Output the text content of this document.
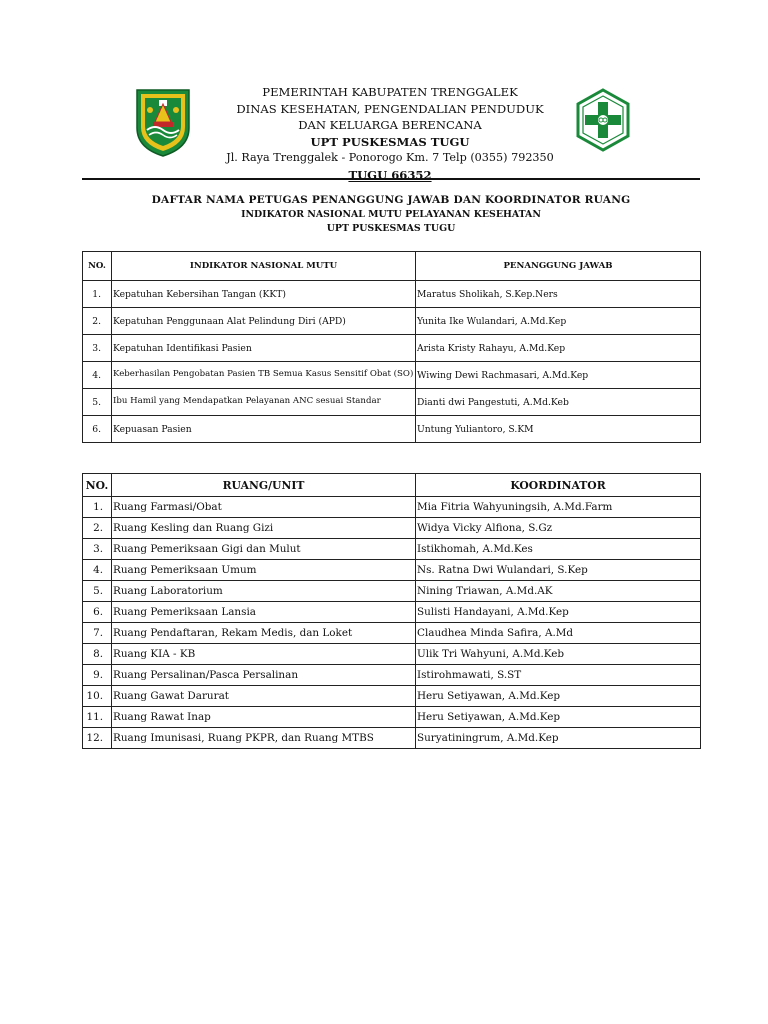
PEMERINTAH KABUPATEN TRENGGALEK
DINAS KESEHATAN, PENGENDALIAN PENDUDUK
DAN KELUARGA BERENCANA
UPT PUSKESMAS TUGU
Jl. Raya Trenggalek - Ponorogo Km. 7 Telp (0355) 792350
TUGU 66352
DAFTAR NAMA PETUGAS PENANGGUNG JAWAB DAN KOORDINATOR RUANG
INDIKATOR NASIONAL MUTU PELAYANAN KESEHATAN
UPT PUSKESMAS TUGU
NO.	INDIKATOR NASIONAL MUTU	PENANGGUNG JAWAB
1.	Kepatuhan Kebersihan Tangan (KKT)	Maratus Sholikah, S.Kep.Ners
2.	Kepatuhan Penggunaan Alat Pelindung Diri (APD)	Yunita Ike Wulandari, A.Md.Kep
3.	Kepatuhan Identifikasi Pasien	Arista Kristy Rahayu, A.Md.Kep
4.	Keberhasilan Pengobatan Pasien TB Semua Kasus Sensitif Obat (SO)	Wiwing Dewi Rachmasari, A.Md.Kep
5.	Ibu Hamil yang Mendapatkan Pelayanan ANC sesuai Standar	Dianti dwi Pangestuti, A.Md.Keb
6.	Kepuasan Pasien	Untung Yuliantoro, S.KM
NO.	RUANG/UNIT	KOORDINATOR
1.	Ruang Farmasi/Obat	Mia Fitria Wahyuningsih, A.Md.Farm
2.	Ruang Kesling dan Ruang Gizi	Widya Vicky Alfiona, S.Gz
3.	Ruang Pemeriksaan Gigi dan Mulut	Istikhomah, A.Md.Kes
4.	Ruang Pemeriksaan Umum	Ns. Ratna Dwi Wulandari, S.Kep
5.	Ruang Laboratorium	Nining Triawan, A.Md.AK
6.	Ruang Pemeriksaan Lansia	Sulisti Handayani, A.Md.Kep
7.	Ruang Pendaftaran, Rekam Medis, dan Loket	Claudhea Minda Safira, A.Md
8.	Ruang KIA - KB	Ulik Tri Wahyuni, A.Md.Keb
9.	Ruang Persalinan/Pasca Persalinan	Istirohmawati, S.ST
10.	Ruang Gawat Darurat	Heru Setiyawan, A.Md.Kep
11.	Ruang Rawat Inap	Heru Setiyawan, A.Md.Kep
12.	Ruang Imunisasi, Ruang PKPR, dan Ruang MTBS	Suryatiningrum, A.Md.Kep
